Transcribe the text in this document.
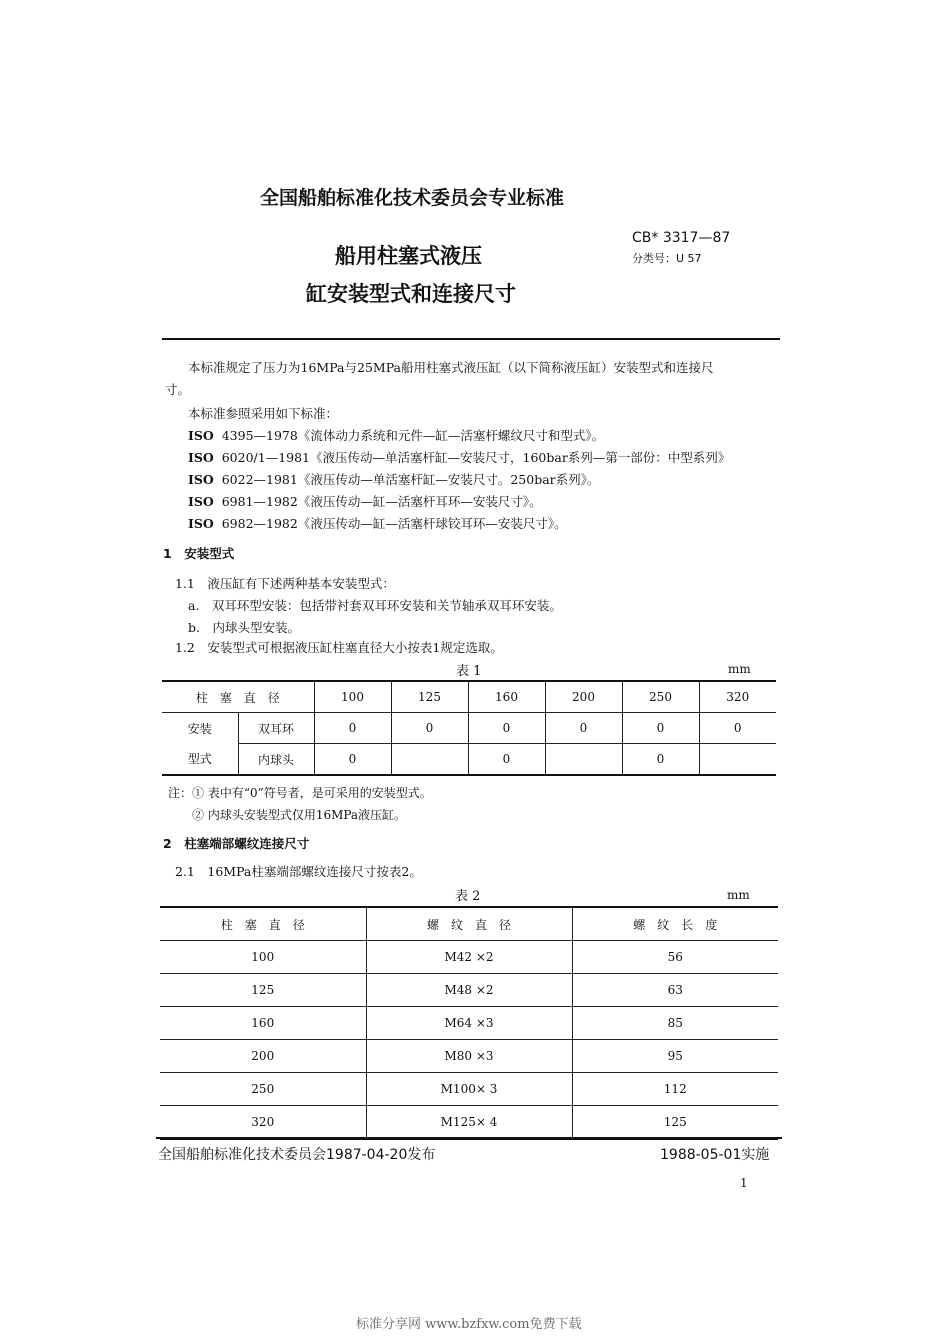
全国船舶标准化技术委员会专业标准
CB* 3317—87
分类号：U 57
船用柱塞式液压
缸安装型式和连接尺寸
本标准规定了压力为16MPa与25MPa船用柱塞式液压缸（以下简称液压缸）安装型式和连接尺
寸。
本标准参照采用如下标准：
ISO 4395—1978《流体动力系统和元件—缸—活塞杆螺纹尺寸和型式》。
ISO 6020/1—1981《液压传动—单活塞杆缸—安装尺寸，160bar系列—第一部份：中型系列》
ISO 6022—1981《液压传动—单活塞杆缸—安装尺寸。250bar系列》。
ISO 6981—1982《液压传动—缸—活塞杆耳环—安装尺寸》。
ISO 6982—1982《液压传动—缸—活塞杆球铰耳环—安装尺寸》。
1　安装型式
1.1　液压缸有下述两种基本安装型式：
a.　双耳环型安装：包括带衬套双耳环安装和关节轴承双耳环安装。
b.　内球头型安装。
1.2　安装型式可根据液压缸柱塞直径大小按表1规定选取。
表 1	mm
柱　塞　直　径		100	125	160	200	250	320
安装	双耳环	0	0	0	0	0	0
型式	内球头	0		0		0	
注：① 表中有“0”符号者，是可采用的安装型式。
② 内球头安装型式仅用16MPa液压缸。
2　柱塞端部螺纹连接尺寸
2.1　16MPa柱塞端部螺纹连接尺寸按表2。
表 2	mm
柱　塞　直　径	螺　纹　直　径	螺　纹　长　度
100	M42 ×2	56
125	M48 ×2	63
160	M64 ×3	85
200	M80 ×3	95
250	M100× 3	112
320	M125× 4	125
全国船舶标准化技术委员会1987-04-20发布	1988-05-01实施
1
标准分享网 www.bzfxw.com免费下载
